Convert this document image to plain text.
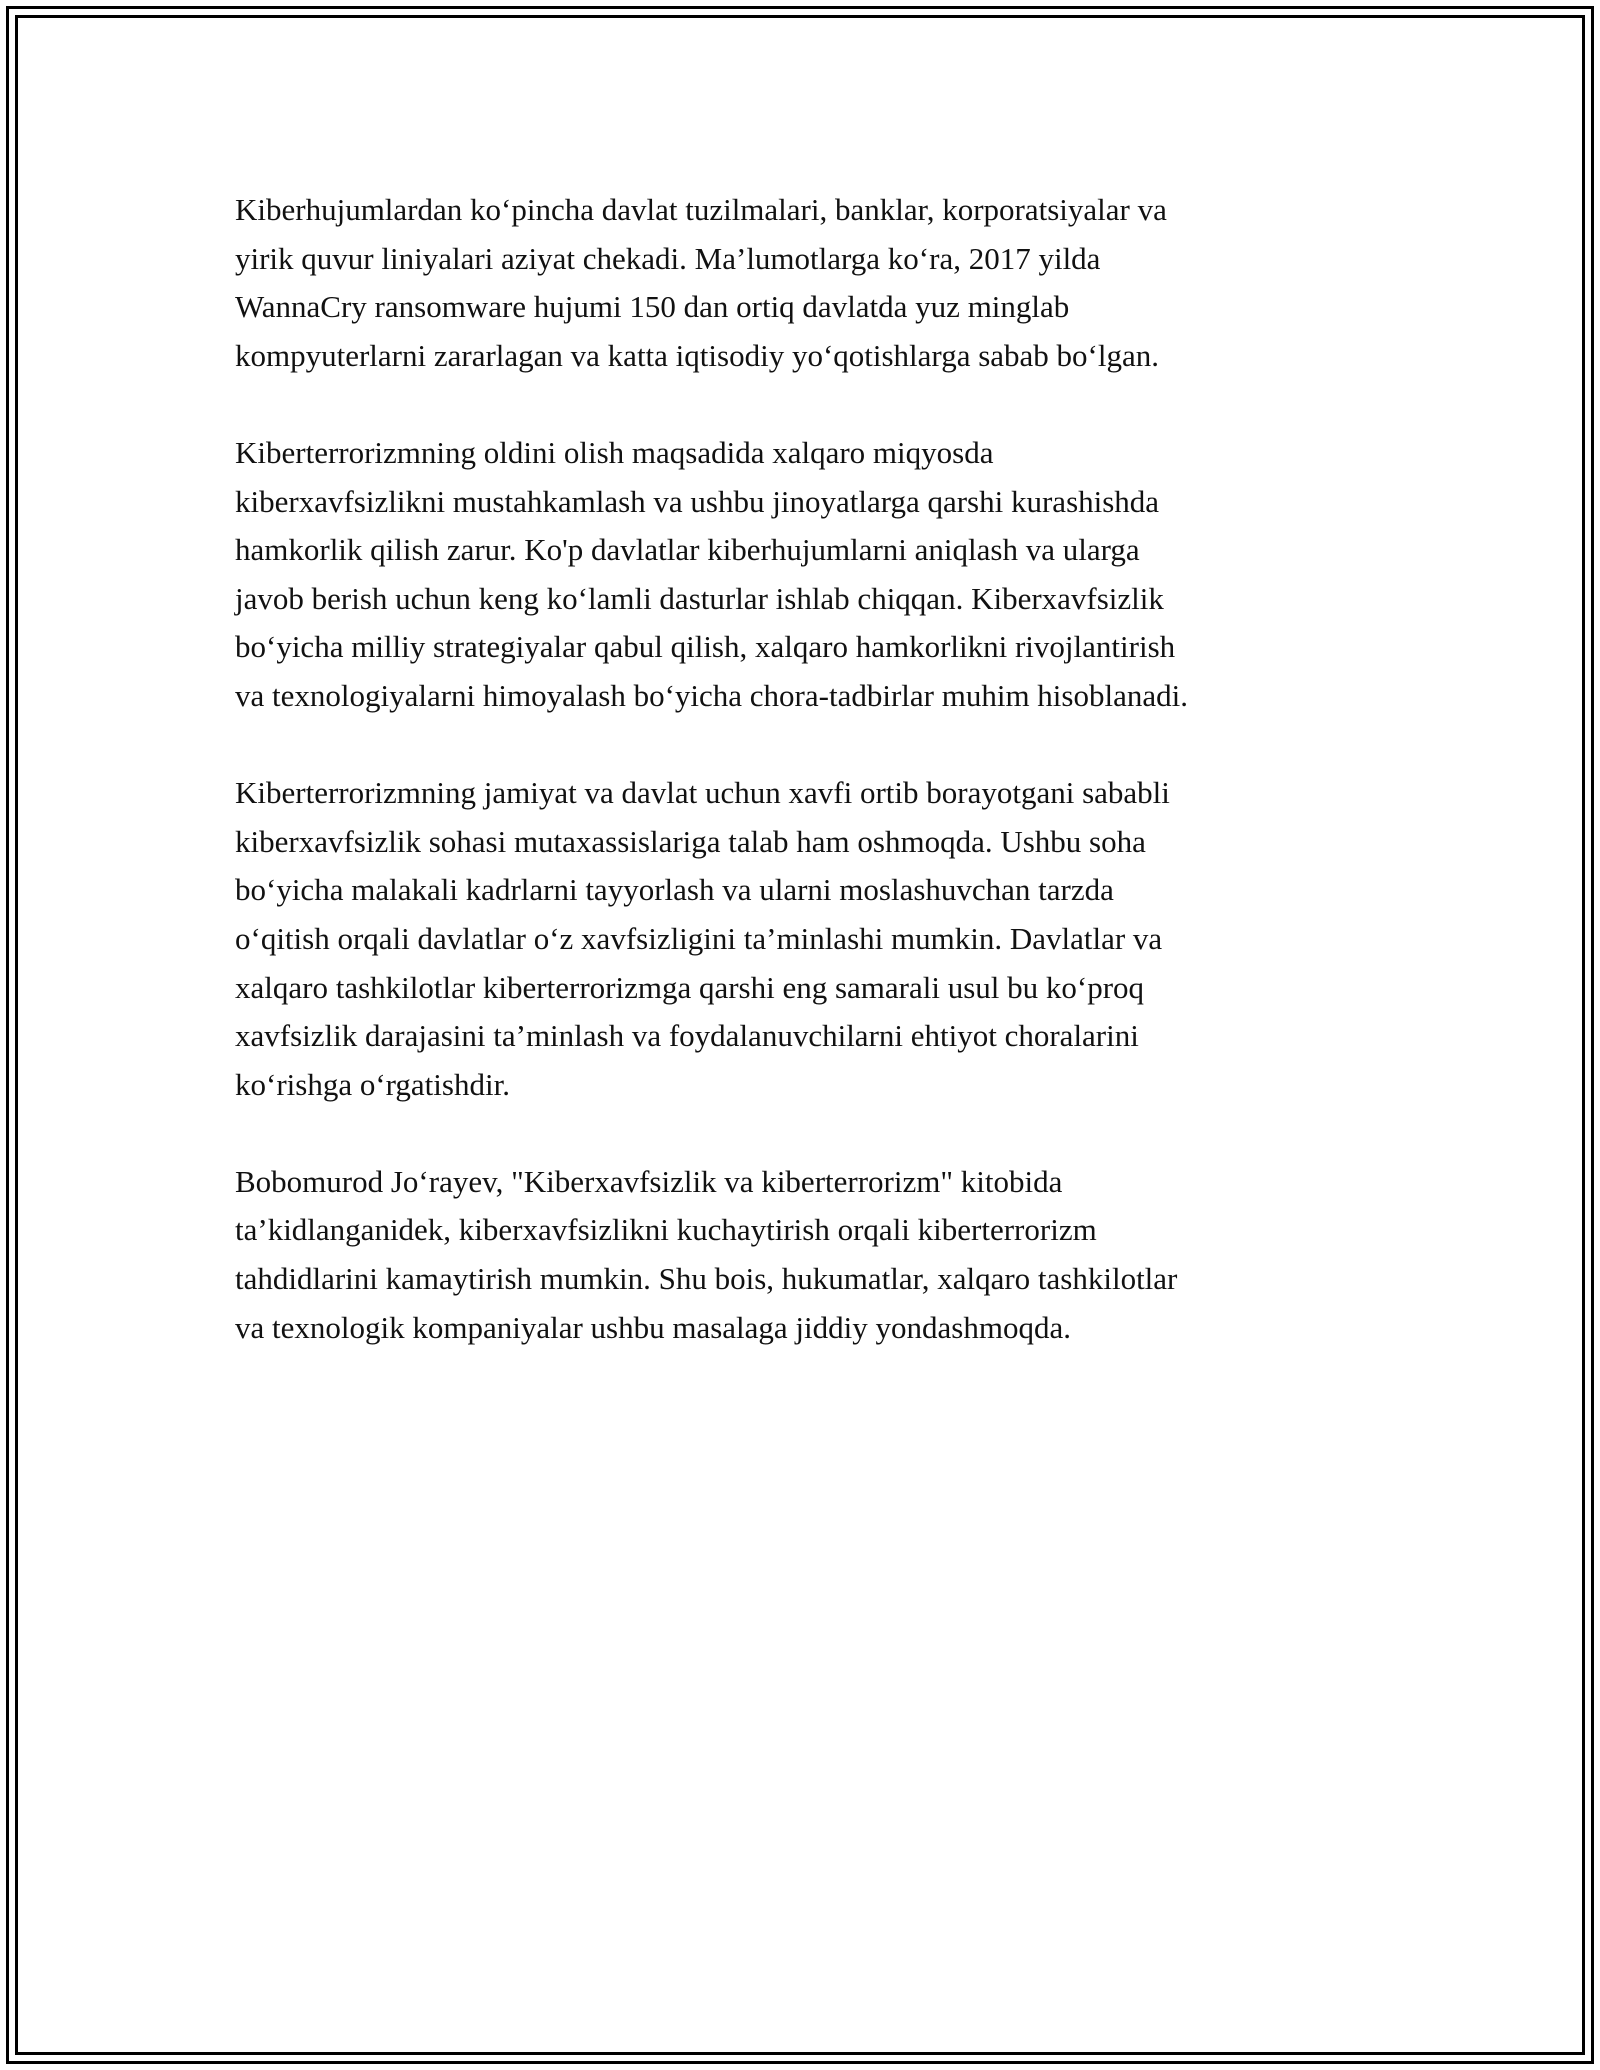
Kiberhujumlardan ko‘pincha davlat tuzilmalari, banklar, korporatsiyalar va
yirik quvur liniyalari aziyat chekadi. Ma’lumotlarga ko‘ra, 2017 yilda
WannaCry ransomware hujumi 150 dan ortiq davlatda yuz minglab
kompyuterlarni zararlagan va katta iqtisodiy yo‘qotishlarga sabab bo‘lgan.

Kiberterrorizmning oldini olish maqsadida xalqaro miqyosda
kiberxavfsizlikni mustahkamlash va ushbu jinoyatlarga qarshi kurashishda
hamkorlik qilish zarur. Ko'p davlatlar kiberhujumlarni aniqlash va ularga
javob berish uchun keng ko‘lamli dasturlar ishlab chiqqan. Kiberxavfsizlik
bo‘yicha milliy strategiyalar qabul qilish, xalqaro hamkorlikni rivojlantirish
va texnologiyalarni himoyalash bo‘yicha chora-tadbirlar muhim hisoblanadi.

Kiberterrorizmning jamiyat va davlat uchun xavfi ortib borayotgani sababli
kiberxavfsizlik sohasi mutaxassislariga talab ham oshmoqda. Ushbu soha
bo‘yicha malakali kadrlarni tayyorlash va ularni moslashuvchan tarzda
o‘qitish orqali davlatlar o‘z xavfsizligini ta’minlashi mumkin. Davlatlar va
xalqaro tashkilotlar kiberterrorizmga qarshi eng samarali usul bu ko‘proq
xavfsizlik darajasini ta’minlash va foydalanuvchilarni ehtiyot choralarini
ko‘rishga o‘rgatishdir.

Bobomurod Jo‘rayev, "Kiberxavfsizlik va kiberterrorizm" kitobida
ta’kidlanganidek, kiberxavfsizlikni kuchaytirish orqali kiberterrorizm
tahdidlarini kamaytirish mumkin. Shu bois, hukumatlar, xalqaro tashkilotlar
va texnologik kompaniyalar ushbu masalaga jiddiy yondashmoqda.
